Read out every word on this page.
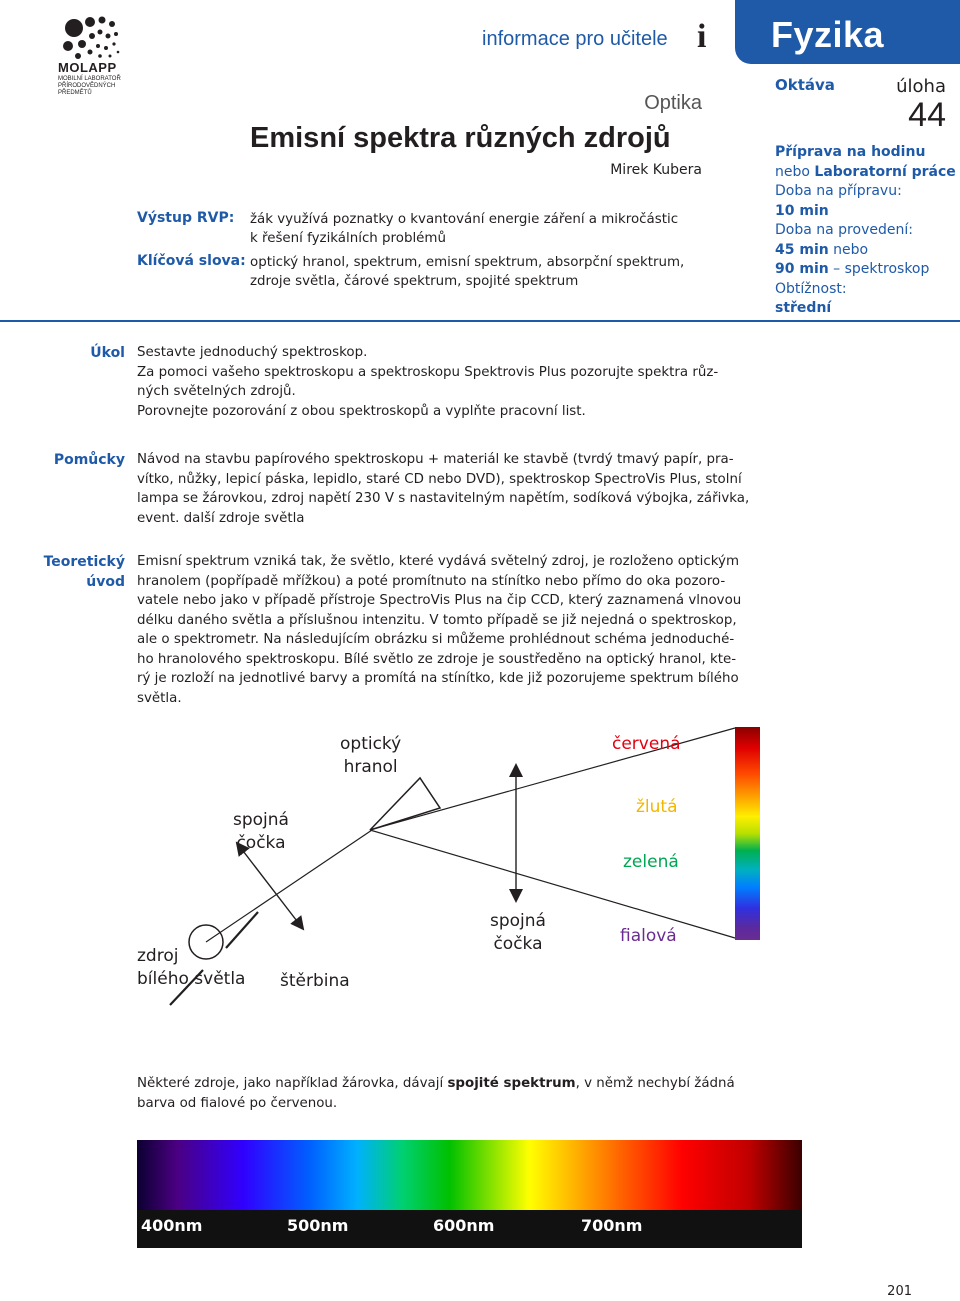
MOLAPP
MOBILNÍ LABORATOŘ
PŘÍRODOVĚDNÝCH
PŘEDMĚTŮ
informace pro učitele i Fyzika
Optika
Emisní spektra různých zdrojů
Mirek Kubera
Oktáva	úloha
44
Příprava na hodinu
nebo Laboratorní práce
Doba na přípravu:
10 min
Doba na provedení:
45 min nebo
90 min – spektroskop
Obtížnost:
střední
Výstup RVP: žák využívá poznatky o kvantování energie záření a mikročástic
k řešení fyzikálních problémů
Klíčová slova: optický hranol, spektrum, emisní spektrum, absorpční spektrum,
zdroje světla, čárové spektrum, spojité spektrum
Úkol Sestavte jednoduchý spektroskop.
Za pomoci vašeho spektroskopu a spektroskopu Spektrovis Plus pozorujte spektra růz-
ných světelných zdrojů.
Porovnejte pozorování z obou spektroskopů a vyplňte pracovní list.
Pomůcky Návod na stavbu papírového spektroskopu + materiál ke stavbě (tvrdý tmavý papír, pra-
vítko, nůžky, lepicí páska, lepidlo, staré CD nebo DVD), spektroskop SpectroVis Plus, stolní
lampa se žárovkou, zdroj napětí 230 V s nastavitelným napětím, sodíková výbojka, zářivka,
event. další zdroje světla
Teoretický
úvod
Emisní spektrum vzniká tak, že světlo, které vydává světelný zdroj, je rozloženo optickým
hranolem (popřípadě mřížkou) a poté promítnuto na stínítko nebo přímo do oka pozoro-
vatele nebo jako v případě přístroje SpectroVis Plus na čip CCD, který zaznamená vlnovou
délku daného světla a příslušnou intenzitu. V tomto případě se již nejedná o spektroskop,
ale o spektrometr. Na následujícím obrázku si můžeme prohlédnout schéma jednoduché-
ho hranolového spektroskopu. Bílé světlo ze zdroje je soustředěno na optický hranol, kte-
rý je rozloží na jednotlivé barvy a promítá na stínítko, kde již pozorujeme spektrum bílého
světla.
optický
hranol
spojná
čočka
spojná
čočka
zdroj
bílého světla štěrbina
červená
žlutá
zelená
fialová
Některé zdroje, jako například žárovka, dávají spojité spektrum, v němž nechybí žádná
barva od fialové po červenou.
400nm	500nm	600nm	700nm
201
